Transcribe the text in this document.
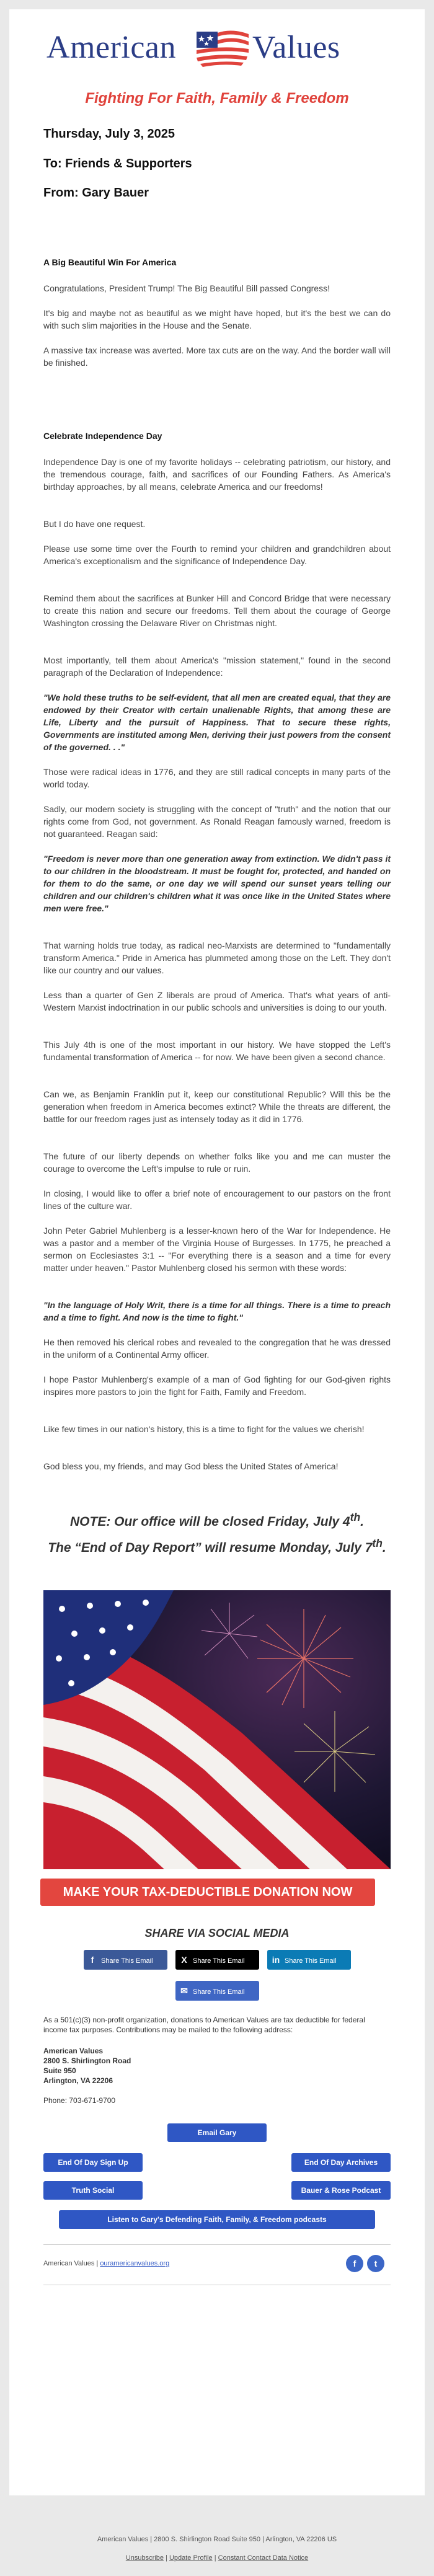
American Values
Fighting For Faith, Family & Freedom
Thursday, July 3, 2025
To: Friends & Supporters
From: Gary Bauer
A Big Beautiful Win For America

Congratulations, President Trump! The Big Beautiful Bill passed Congress!

It's big and maybe not as beautiful as we might have hoped, but it's the best we can do with such slim majorities in the House and the Senate.

A massive tax increase was averted. More tax cuts are on the way. And the border wall will be finished.

Celebrate Independence Day

Independence Day is one of my favorite holidays -- celebrating patriotism, our history, and the tremendous courage, faith, and sacrifices of our Founding Fathers. As America's birthday approaches, by all means, celebrate America and our freedoms!

But I do have one request.

Please use some time over the Fourth to remind your children and grandchildren about America's exceptionalism and the significance of Independence Day.

Remind them about the sacrifices at Bunker Hill and Concord Bridge that were necessary to create this nation and secure our freedoms. Tell them about the courage of George Washington crossing the Delaware River on Christmas night.

Most importantly, tell them about America's "mission statement," found in the second paragraph of the Declaration of Independence:

"We hold these truths to be self-evident, that all men are created equal, that they are endowed by their Creator with certain unalienable Rights, that among these are Life, Liberty and the pursuit of Happiness. That to secure these rights, Governments are instituted among Men, deriving their just powers from the consent of the governed. . ."

Those were radical ideas in 1776, and they are still radical concepts in many parts of the world today.

Sadly, our modern society is struggling with the concept of "truth" and the notion that our rights come from God, not government. As Ronald Reagan famously warned, freedom is not guaranteed. Reagan said:

"Freedom is never more than one generation away from extinction. We didn't pass it to our children in the bloodstream. It must be fought for, protected, and handed on for them to do the same, or one day we will spend our sunset years telling our children and our children's children what it was once like in the United States where men were free."

That warning holds true today, as radical neo-Marxists are determined to "fundamentally transform America." Pride in America has plummeted among those on the Left. They don't like our country and our values.

Less than a quarter of Gen Z liberals are proud of America. That's what years of anti-Western Marxist indoctrination in our public schools and universities is doing to our youth.

This July 4th is one of the most important in our history. We have stopped the Left's fundamental transformation of America -- for now. We have been given a second chance.

Can we, as Benjamin Franklin put it, keep our constitutional Republic? Will this be the generation when freedom in America becomes extinct? While the threats are different, the battle for our freedom rages just as intensely today as it did in 1776.

The future of our liberty depends on whether folks like you and me can muster the courage to overcome the Left's impulse to rule or ruin.

In closing, I would like to offer a brief note of encouragement to our pastors on the front lines of the culture war.

John Peter Gabriel Muhlenberg is a lesser-known hero of the War for Independence. He was a pastor and a member of the Virginia House of Burgesses. In 1775, he preached a sermon on Ecclesiastes 3:1 -- "For everything there is a season and a time for every matter under heaven." Pastor Muhlenberg closed his sermon with these words:

"In the language of Holy Writ, there is a time for all things. There is a time to preach and a time to fight. And now is the time to fight."

He then removed his clerical robes and revealed to the congregation that he was dressed in the uniform of a Continental Army officer.

I hope Pastor Muhlenberg's example of a man of God fighting for our God-given rights inspires more pastors to join the fight for Faith, Family and Freedom.

Like few times in our nation's history, this is a time to fight for the values we cherish!

God bless you, my friends, and may God bless the United States of America!

NOTE: Our office will be closed Friday, July 4th.
The “End of Day Report” will resume Monday, July 7th.
MAKE YOUR TAX-DEDUCTIBLE DONATION NOW
SHARE VIA SOCIAL MEDIA
f Share This Email	X Share This Email	in Share This Email
✉ Share This Email
As a 501(c)(3) non-profit organization, donations to American Values are tax deductible for federal income tax purposes. Contributions may be mailed to the following address:
American Values
2800 S. Shirlington Road
Suite 950
Arlington, VA 22206
Phone: 703-671-9700
Email Gary
End Of Day Sign Up	End Of Day Archives
Truth Social	Bauer & Rose Podcast
Listen to Gary's Defending Faith, Family, & Freedom podcasts
American Values | ouramericanvalues.org	f	t
American Values | 2800 S. Shirlington Road Suite 950 | Arlington, VA 22206 US
Unsubscribe | Update Profile | Constant Contact Data Notice
